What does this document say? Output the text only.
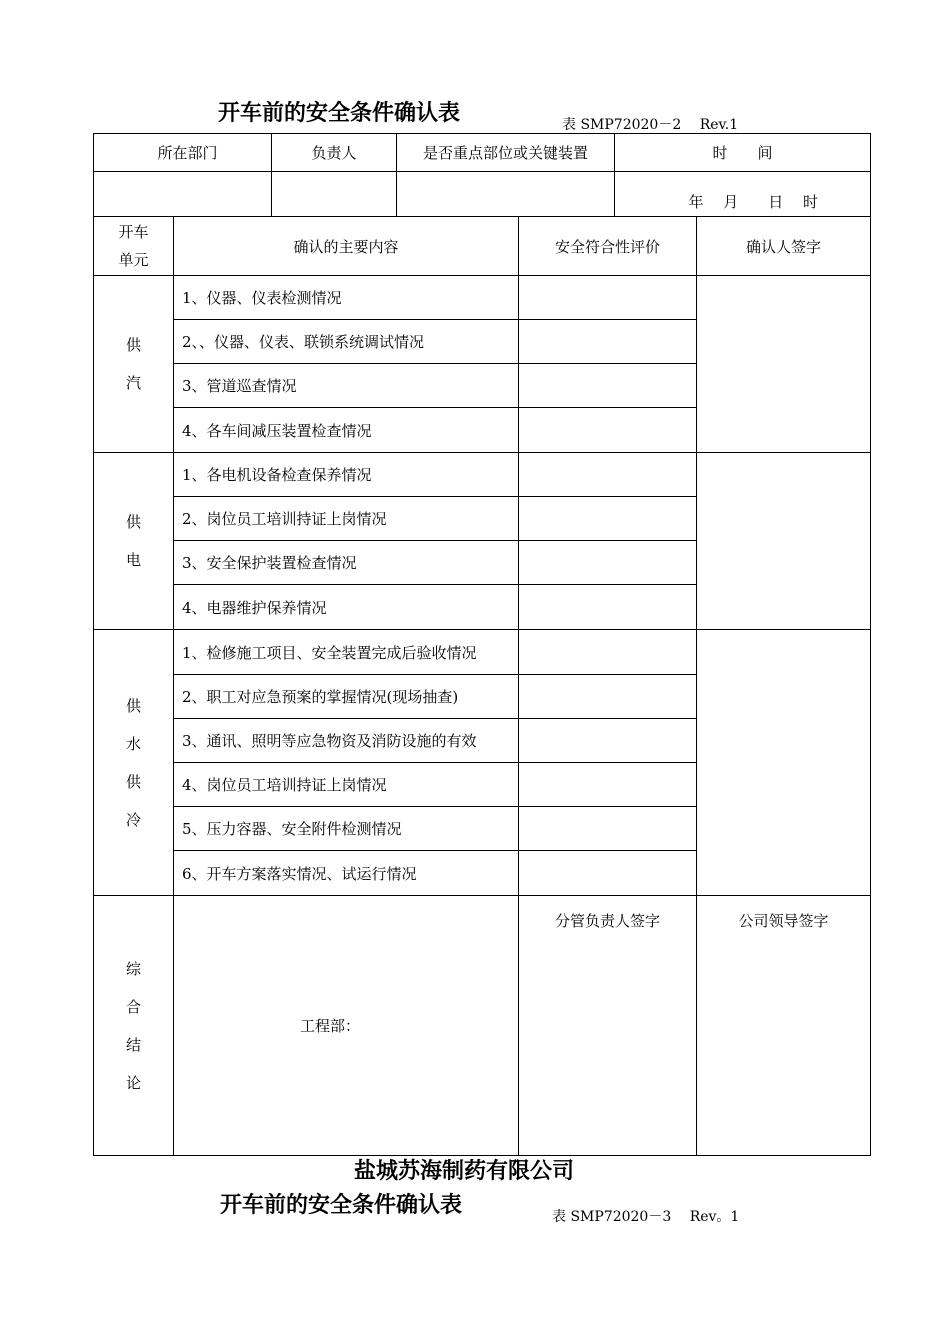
开车前的安全条件确认表	表 SMP72020－2　 Rev.1
所在部门	负责人	是否重点部位或关键装置	时　　间
			年　 月　　日　 时
开车
单元	确认的主要内容	安全符合性评价	确认人签字

供
汽	1、仪器、仪表检测情况		
	2、、仪器、仪表、联锁系统调试情况		
	3、管道巡查情况		
	4、各车间减压装置检查情况		

供
电	1、各电机设备检查保养情况		
	2、岗位员工培训持证上岗情况		
	3、安全保护装置检查情况		
	4、电器维护保养情况		

供
水
供
冷	1、检修施工项目、安全装置完成后验收情况		
	2、职工对应急预案的掌握情况(现场抽查)		
	3、通讯、照明等应急物资及消防设施的有效		
	4、岗位员工培训持证上岗情况		
	5、压力容器、安全附件检测情况		
	6、开车方案落实情况、试运行情况		

综
合
结
论	工程部：	分管负责人签字	公司领导签字
盐城苏海制药有限公司
开车前的安全条件确认表	表 SMP72020－3　 Rev。1
